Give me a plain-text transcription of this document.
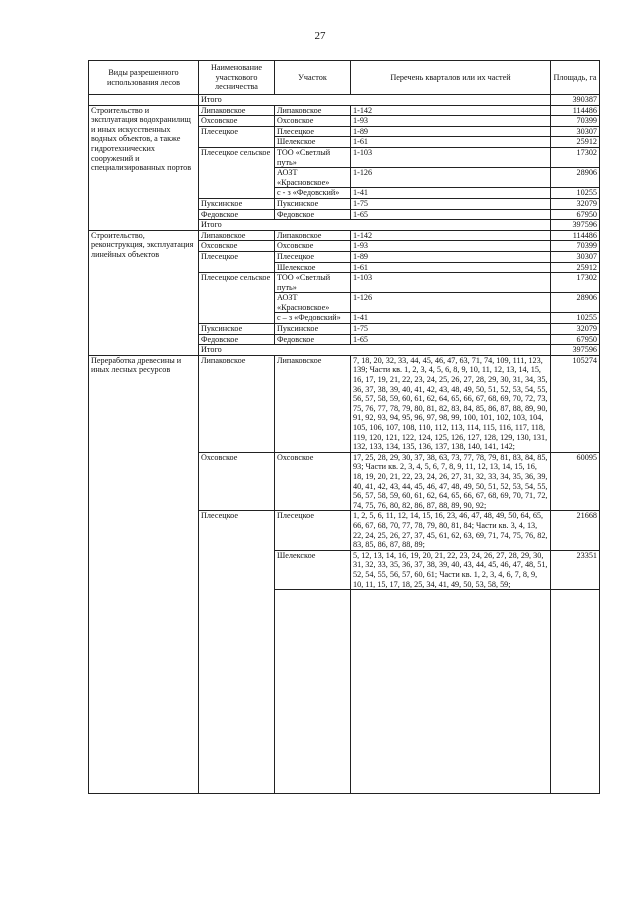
27
Виды разрешенного использования лесов	Наименование участкового лесничества	Участок	Перечень кварталов или их частей	Площадь, га
	Итого			390387
Строительство и эксплуатация водохранилищ и иных искусственных водных объектов, а также гидротехнических сооружений и специализированных портов	Липаковское	Липаковское	1-142	114486
	Охсовское	Охсовское	1-93	70399
	Плесецкое	Плесецкое	1-89	30307
		Шелекское	1-61	25912
	Плесецкое сельское	ТОО «Светлый путь»	1-103	17302
		АОЗТ «Красновское»	1-126	28906
		с - з «Федовский»	1-41	10255
	Пуксинское	Пуксинское	1-75	32079
	Федовское	Федовское	1-65	67950
	Итого			397596
Строительство, реконструкция, эксплуатация линейных объектов	Липаковское	Липаковское	1-142	114486
	Охсовское	Охсовское	1-93	70399
	Плесецкое	Плесецкое	1-89	30307
		Шелекское	1-61	25912
	Плесецкое сельское	ТОО «Светлый путь»	1-103	17302
		АОЗТ «Красновское»	1-126	28906
		с – з «Федовский»	1-41	10255
	Пуксинское	Пуксинское	1-75	32079
	Федовское	Федовское	1-65	67950
	Итого			397596
Переработка древесины и иных лесных ресурсов	Липаковское	Липаковское	7, 18, 20, 32, 33, 44, 45, 46, 47, 63, 71, 74, 109, 111, 123, 139; Части кв. 1, 2, 3, 4, 5, 6, 8, 9, 10, 11, 12, 13, 14, 15, 16, 17, 19, 21, 22, 23, 24, 25, 26, 27, 28, 29, 30, 31, 34, 35, 36, 37, 38, 39, 40, 41, 42, 43, 48, 49, 50, 51, 52, 53, 54, 55, 56, 57, 58, 59, 60, 61, 62, 64, 65, 66, 67, 68, 69, 70, 72, 73, 75, 76, 77, 78, 79, 80, 81, 82, 83, 84, 85, 86, 87, 88, 89, 90, 91, 92, 93, 94, 95, 96, 97, 98, 99, 100, 101, 102, 103, 104, 105, 106, 107, 108, 110, 112, 113, 114, 115, 116, 117, 118, 119, 120, 121, 122, 124, 125, 126, 127, 128, 129, 130, 131, 132, 133, 134, 135, 136, 137, 138, 140, 141, 142;	105274
	Охсовское	Охсовское	17, 25, 28, 29, 30, 37, 38, 63, 73, 77, 78, 79, 81, 83, 84, 85, 93; Части кв. 2, 3, 4, 5, 6, 7, 8, 9, 11, 12, 13, 14, 15, 16, 18, 19, 20, 21, 22, 23, 24, 26, 27, 31, 32, 33, 34, 35, 36, 39, 40, 41, 42, 43, 44, 45, 46, 47, 48, 49, 50, 51, 52, 53, 54, 55, 56, 57, 58, 59, 60, 61, 62, 64, 65, 66, 67, 68, 69, 70, 71, 72, 74, 75, 76, 80, 82, 86, 87, 88, 89, 90, 92;	60095
	Плесецкое	Плесецкое	1, 2, 5, 6, 11, 12, 14, 15, 16, 23, 46, 47, 48, 49, 50, 64, 65, 66, 67, 68, 70, 77, 78, 79, 80, 81, 84; Части кв. 3, 4, 13, 22, 24, 25, 26, 27, 37, 45, 61, 62, 63, 69, 71, 74, 75, 76, 82, 83, 85, 86, 87, 88, 89;	21668
		Шелекское	5, 12, 13, 14, 16, 19, 20, 21, 22, 23, 24, 26, 27, 28, 29, 30, 31, 32, 33, 35, 36, 37, 38, 39, 40, 43, 44, 45, 46, 47, 48, 51, 52, 54, 55, 56, 57, 60, 61; Части кв. 1, 2, 3, 4, 6, 7, 8, 9, 10, 11, 15, 17, 18, 25, 34, 41, 49, 50, 53, 58, 59;	23351
